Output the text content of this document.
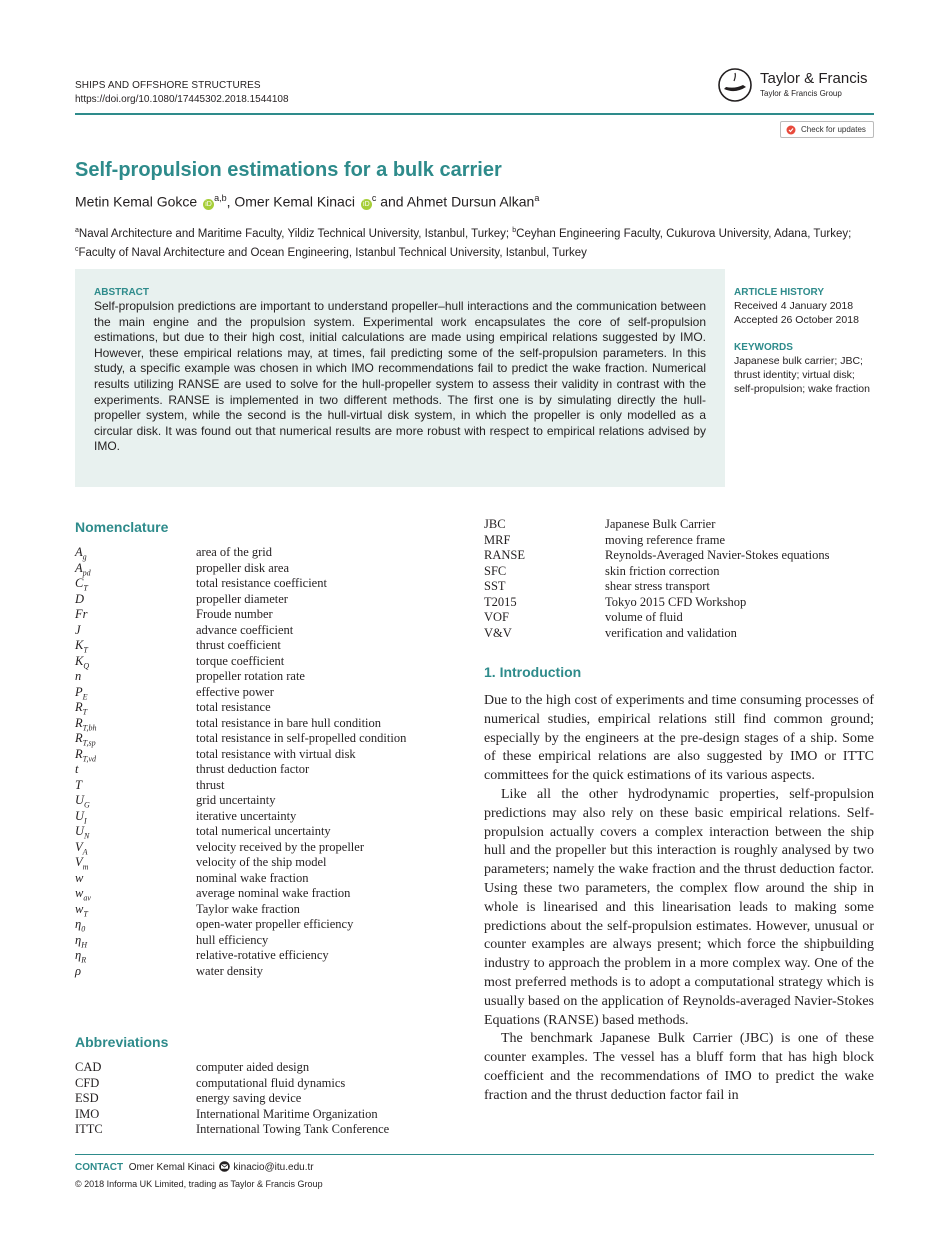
SHIPS AND OFFSHORE STRUCTURES
https://doi.org/10.1080/17445302.2018.1544108
Taylor & Francis
Taylor & Francis Group
Check for updates
Self-propulsion estimations for a bulk carrier
Metin Kemal Gokce iD$^{a,b}$, Omer Kemal Kinaci $iD^c$ and Ahmet Dursun Alkan$^a$
$^a$Naval Architecture and Maritime Faculty, Yildiz Technical University, Istanbul, Turkey; $^b$Ceyhan Engineering Faculty, Cukurova University, Adana, Turkey; $^c$Faculty of Naval Architecture and Ocean Engineering, Istanbul Technical University, Istanbul, Turkey
ABSTRACT
Self-propulsion predictions are important to understand propeller–hull interactions and the communication between the main engine and the propulsion system. Experimental work encapsulates the core of self-propulsion estimations, but due to their high cost, initial calculations are made using empirical relations suggested by IMO. However, these empirical relations may, at times, fail predicting some of the self-propulsion parameters. In this study, a specific example was chosen in which IMO recommendations fail to predict the wake fraction. Numerical results utilizing RANSE are used to solve for the hull-propeller system to assess their validity in contrast with the experiments. RANSE is implemented in two different methods. The first one is by simulating directly the hull-propeller system, while the second is the hull-virtual disk system, in which the propeller is only modelled as a circular disk. It was found out that numerical results are more robust with respect to empirical relations advised by IMO.
ARTICLE HISTORY
Received 4 January 2018
Accepted 26 October 2018
KEYWORDS
Japanese bulk carrier; JBC;
thrust identity; virtual disk;
self-propulsion; wake fraction
Nomenclature
$A_g$	area of the grid
$A_{pd}$	propeller disk area
$C_T$	total resistance coefficient
D	propeller diameter
Fr	Froude number
J	advance coefficient
$K_T$	thrust coefficient
$K_Q$	torque coefficient
n	propeller rotation rate
$P_E$	effective power
$R_T$	total resistance
$R_{T,bh}$	total resistance in bare hull condition
$R_{T,sp}$	total resistance in self-propelled condition
$R_{T,vd}$	total resistance with virtual disk
t	thrust deduction factor
T	thrust
$U_G$	grid uncertainty
$U_I$	iterative uncertainty
$U_N$	total numerical uncertainty
$V_A$	velocity received by the propeller
$V_m$	velocity of the ship model
w	nominal wake fraction
$w_{av}$	average nominal wake fraction
$w_T$	Taylor wake fraction
$\eta_0$	open-water propeller efficiency
$\eta_H$	hull efficiency
$\eta_R$	relative-rotative efficiency
ρ	water density
Abbreviations
CAD	computer aided design
CFD	computational fluid dynamics
ESD	energy saving device
IMO	International Maritime Organization
ITTC	International Towing Tank Conference
JBC	Japanese Bulk Carrier
MRF	moving reference frame
RANSE	Reynolds-Averaged Navier-Stokes equations
SFC	skin friction correction
SST	shear stress transport
T2015	Tokyo 2015 CFD Workshop
VOF	volume of fluid
V&V	verification and validation
1. Introduction

Due to the high cost of experiments and time consuming processes of numerical studies, empirical relations still find common ground; especially by the engineers at the pre-design stages of a ship. Some of these empirical relations are also suggested by IMO or ITTC committees for the quick estimations of its various aspects.

Like all the other hydrodynamic properties, self-propulsion predictions may also rely on these basic empirical relations. Self-propulsion actually covers a complex interaction between the ship hull and the propeller but this interaction is roughly analysed by two parameters; namely the wake fraction and the thrust deduction factor. Using these two parameters, the complex flow around the ship in whole is linearised and this linearisation leads to making some predictions about the self-propulsion estimates. However, unusual or counter examples are always present; which force the shipbuilding industry to approach the problem in a more complex way. One of the most preferred methods is to adopt a computational strategy which is usually based on the application of Reynolds-averaged Navier-Stokes Equations (RANSE) based methods.

The benchmark Japanese Bulk Carrier (JBC) is one of these counter examples. The vessel has a bluff form that has high block coefficient and the recommendations of IMO to predict the wake fraction and the thrust deduction factor fail in

CONTACT Omer Kemal Kinaci kinacio@itu.edu.tr
© 2018 Informa UK Limited, trading as Taylor & Francis Group
